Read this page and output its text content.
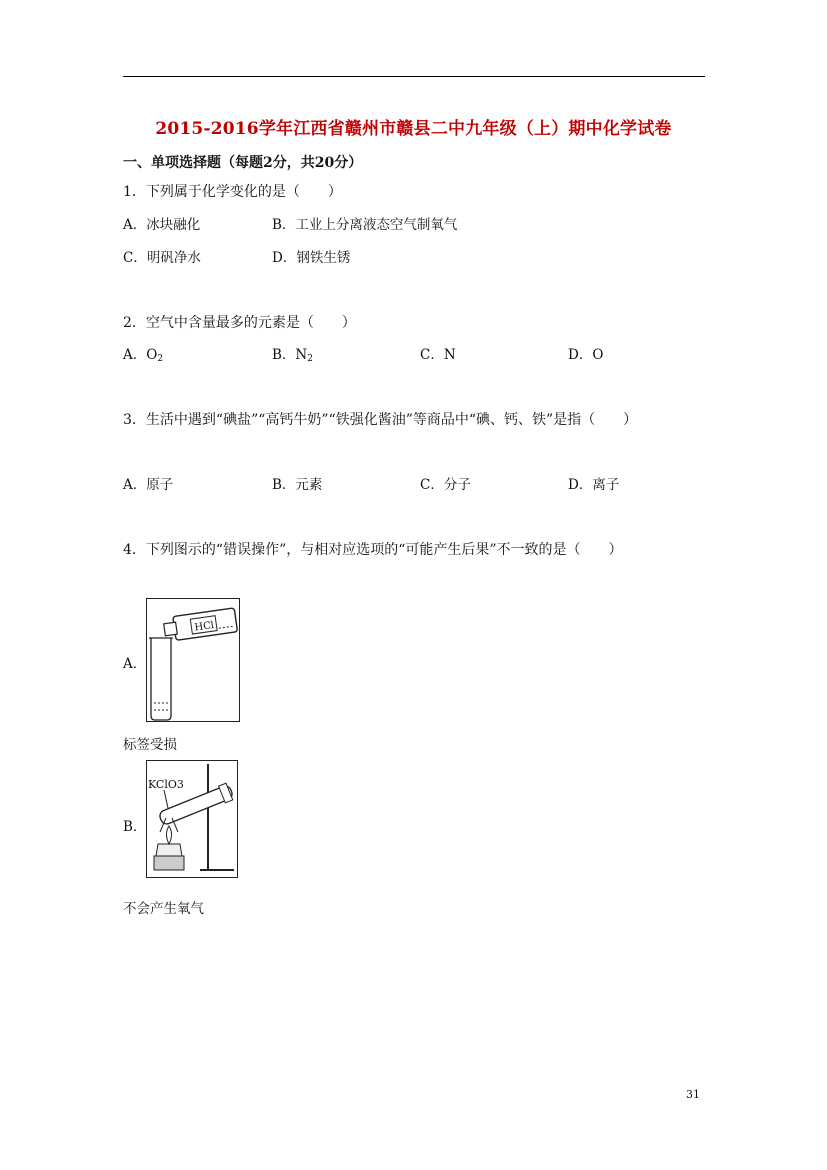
2015-2016学年江西省赣州市赣县二中九年级（上）期中化学试卷
一、单项选择题（每题2分，共20分）
1．下列属于化学变化的是（　　）
A．冰块融化	B．工业上分离液态空气制氧气
C．明矾净水	D．钢铁生锈
2．空气中含量最多的元素是（　　）
A．$O_2$	B．$N_2$	C．N	D．O
3．生活中遇到“碘盐”“高钙牛奶”“铁强化酱油”等商品中“碘、钙、铁”是指（　　）
A．原子	B．元素	C．分子	D．离子
4．下列图示的“错误操作”，与相对应选项的“可能产生后果”不一致的是（　　）
A．
HCl
标签受损
B．
KClO3
不会产生氧气
31
